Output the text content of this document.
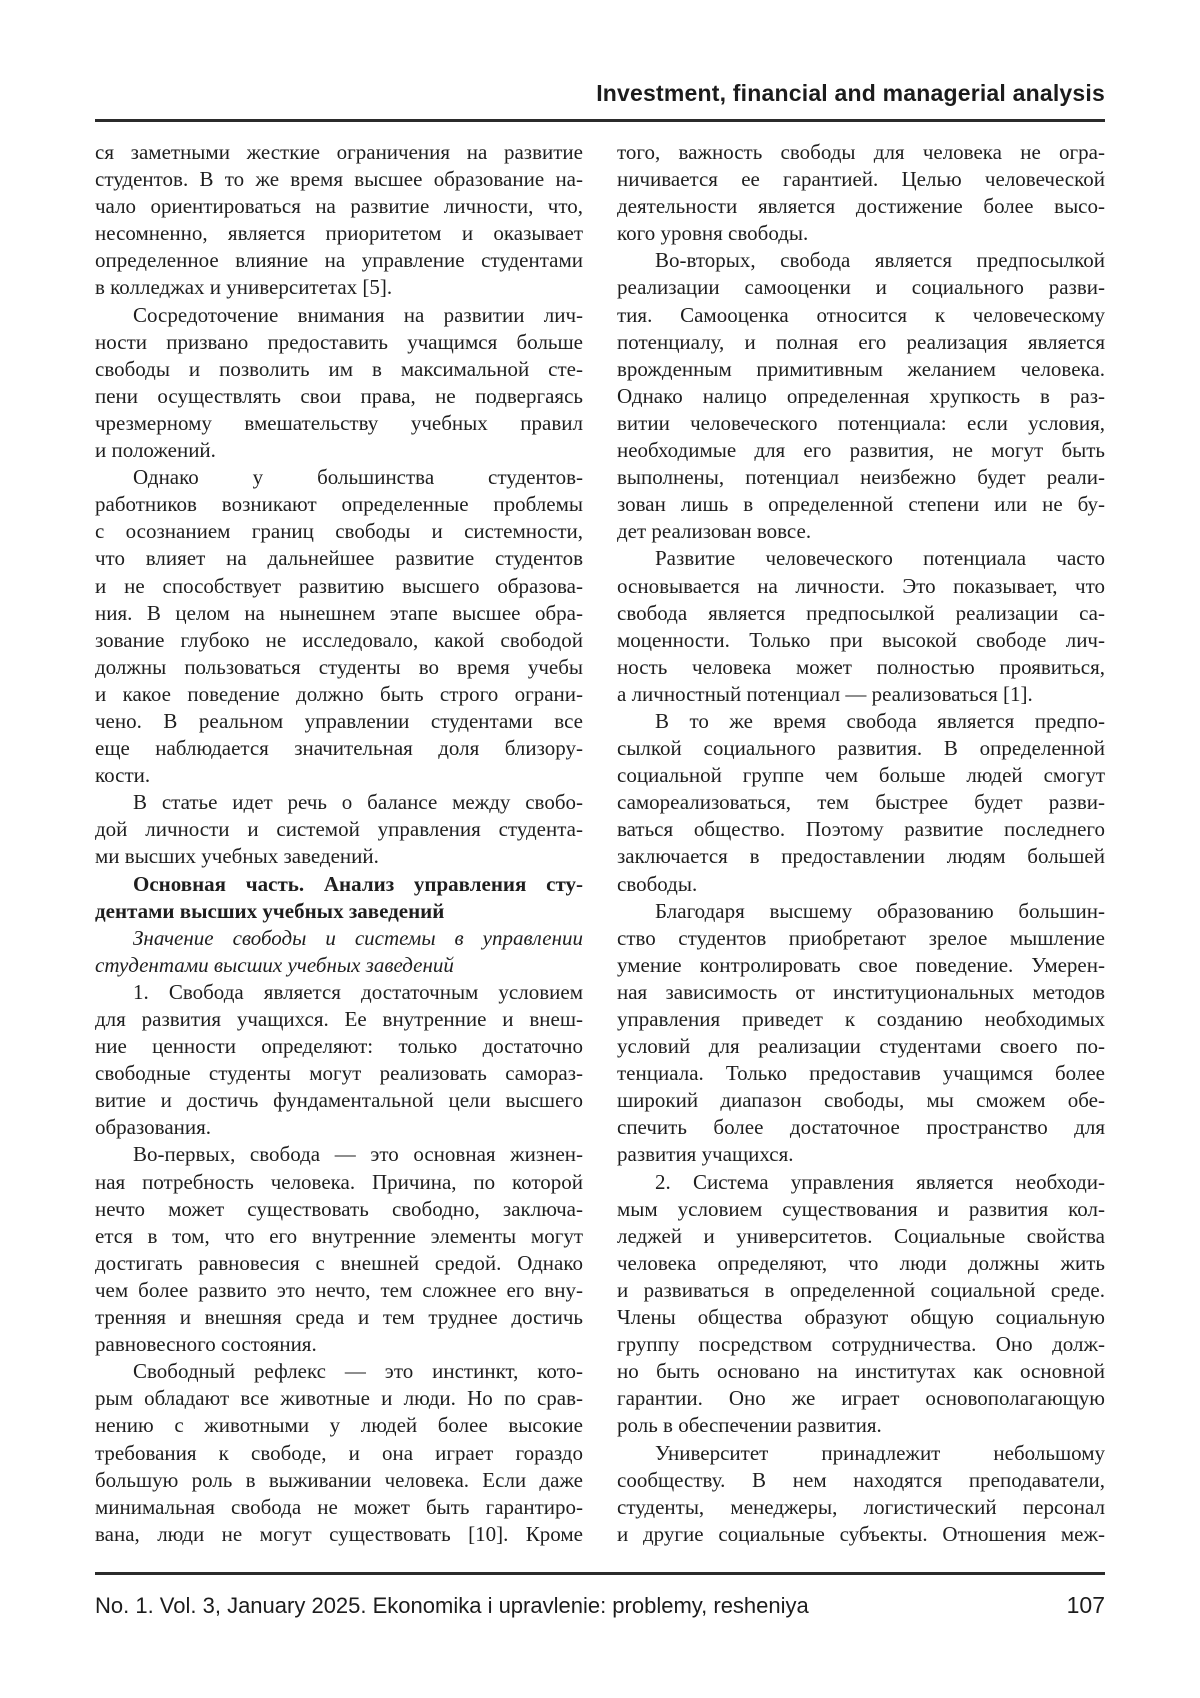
Investment, financial and managerial analysis
ся заметными жесткие ограничения на развитие
студентов. В то же время высшее образование на-
чало ориентироваться на развитие личности, что,
несомненно, является приоритетом и оказывает
определенное влияние на управление студентами
в колледжах и университетах [5].
Сосредоточение внимания на развитии лич-
ности призвано предоставить учащимся больше
свободы и позволить им в максимальной сте-
пени осуществлять свои права, не подвергаясь
чрезмерному вмешательству учебных правил
и положений.
Однако у большинства студентов-
работников возникают определенные проблемы
с осознанием границ свободы и системности,
что влияет на дальнейшее развитие студентов
и не способствует развитию высшего образова-
ния. В целом на нынешнем этапе высшее обра-
зование глубоко не исследовало, какой свободой
должны пользоваться студенты во время учебы
и какое поведение должно быть строго ограни-
чено. В реальном управлении студентами все
еще наблюдается значительная доля близору-
кости.
В статье идет речь о балансе между свобо-
дой личности и системой управления студента-
ми высших учебных заведений.
Основная часть. Анализ управления сту-
дентами высших учебных заведений
Значение свободы и системы в управлении
студентами высших учебных заведений
1. Свобода является достаточным условием
для развития учащихся. Ее внутренние и внеш-
ние ценности определяют: только достаточно
свободные студенты могут реализовать самораз-
витие и достичь фундаментальной цели высшего
образования.
Во-первых, свобода — это основная жизнен-
ная потребность человека. Причина, по которой
нечто может существовать свободно, заключа-
ется в том, что его внутренние элементы могут
достигать равновесия с внешней средой. Однако
чем более развито это нечто, тем сложнее его вну-
тренняя и внешняя среда и тем труднее достичь
равновесного состояния.
Свободный рефлекс — это инстинкт, кото-
рым обладают все животные и люди. Но по срав-
нению с животными у людей более высокие
требования к свободе, и она играет гораздо
большую роль в выживании человека. Если даже
минимальная свобода не может быть гарантиро-
вана, люди не могут существовать [10]. Кроме
того, важность свободы для человека не огра-
ничивается ее гарантией. Целью человеческой
деятельности является достижение более высо-
кого уровня свободы.
Во-вторых, свобода является предпосылкой
реализации самооценки и социального разви-
тия. Самооценка относится к человеческому
потенциалу, и полная его реализация является
врожденным примитивным желанием человека.
Однако налицо определенная хрупкость в раз-
витии человеческого потенциала: если условия,
необходимые для его развития, не могут быть
выполнены, потенциал неизбежно будет реали-
зован лишь в определенной степени или не бу-
дет реализован вовсе.
Развитие человеческого потенциала часто
основывается на личности. Это показывает, что
свобода является предпосылкой реализации са-
моценности. Только при высокой свободе лич-
ность человека может полностью проявиться,
а личностный потенциал — реализоваться [1].
В то же время свобода является предпо-
сылкой социального развития. В определенной
социальной группе чем больше людей смогут
самореализоваться, тем быстрее будет разви-
ваться общество. Поэтому развитие последнего
заключается в предоставлении людям большей
свободы.
Благодаря высшему образованию большин-
ство студентов приобретают зрелое мышление
умение контролировать свое поведение. Умерен-
ная зависимость от институциональных методов
управления приведет к созданию необходимых
условий для реализации студентами своего по-
тенциала. Только предоставив учащимся более
широкий диапазон свободы, мы сможем обе-
спечить более достаточное пространство для
развития учащихся.
2. Система управления является необходи-
мым условием существования и развития кол-
леджей и университетов. Социальные свойства
человека определяют, что люди должны жить
и развиваться в определенной социальной среде.
Члены общества образуют общую социальную
группу посредством сотрудничества. Оно долж-
но быть основано на институтах как основной
гарантии. Оно же играет основополагающую
роль в обеспечении развития.
Университет принадлежит небольшому
сообществу. В нем находятся преподаватели,
студенты, менеджеры, логистический персонал
и другие социальные субъекты. Отношения меж-
No. 1. Vol. 3, January 2025. Ekonomika i upravlenie: problemy, resheniya	107
